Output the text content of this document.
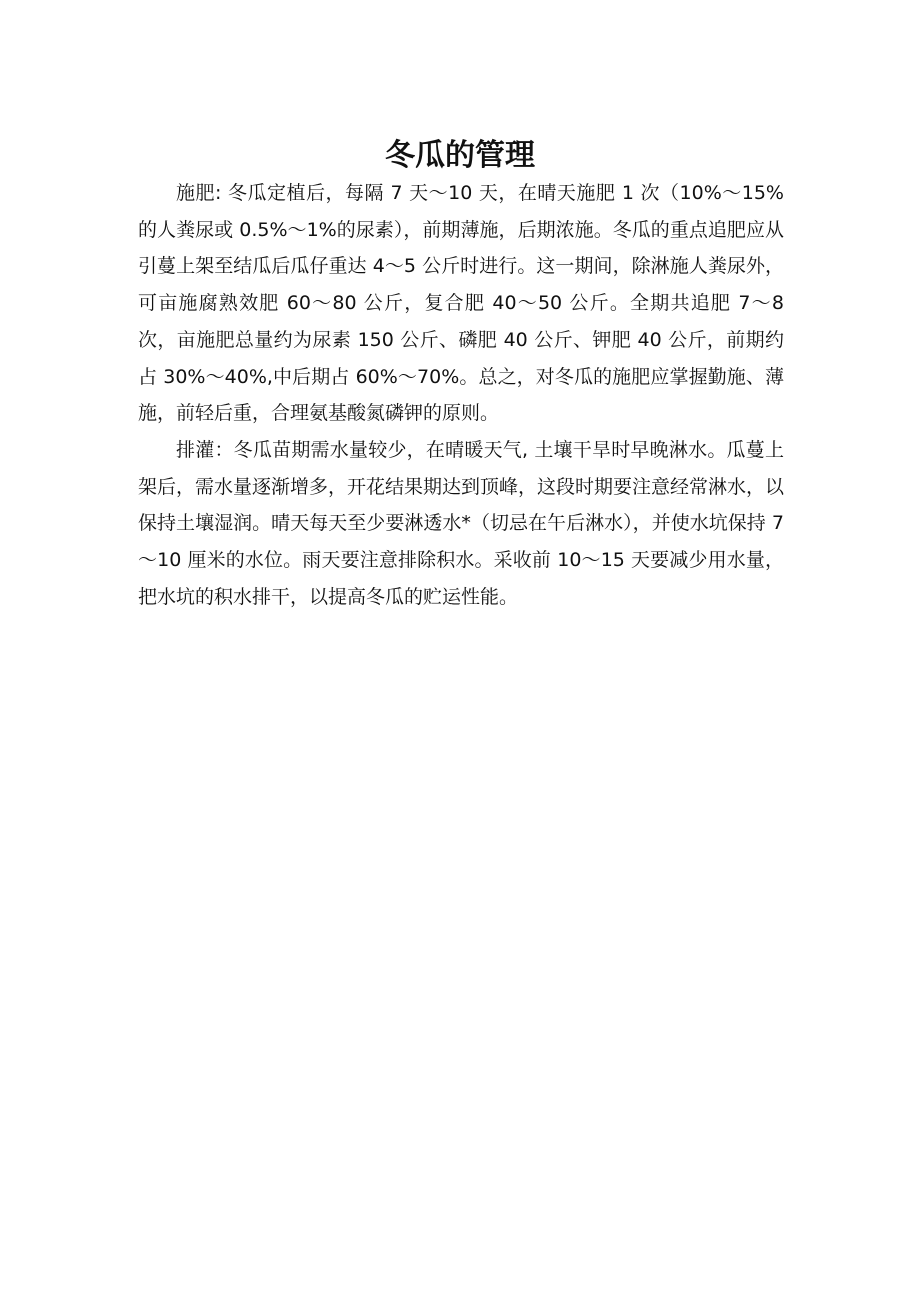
冬瓜的管理

施肥: 冬瓜定植后，每隔 7 天～10 天，在晴天施肥 1 次（10%～15% 的人粪尿或 0.5%～1%的尿素），前期薄施，后期浓施。冬瓜的重点追肥应从引蔓上架至结瓜后瓜仔重达 4～5 公斤时进行。这一期间，除淋施人粪尿外，可亩施腐熟效肥 60～80 公斤，复合肥 40～50 公斤。全期共追肥 7～8 次，亩施肥总量约为尿素 150 公斤、磷肥 40 公斤、钾肥 40 公斤，前期约占 30%～40%,中后期占 60%～70%。总之，对冬瓜的施肥应掌握勤施、薄施，前轻后重，合理氨基酸氮磷钾的原则。

排灌：冬瓜苗期需水量较少，在晴暖天气, 土壤干旱时早晚淋水。瓜蔓上架后，需水量逐渐增多，开花结果期达到顶峰，这段时期要注意经常淋水，以保持土壤湿润。晴天每天至少要淋透水*（切忌在午后淋水），并使水坑保持 7～10 厘米的水位。雨天要注意排除积水。采收前 10～15 天要减少用水量，把水坑的积水排干，以提高冬瓜的贮运性能。
